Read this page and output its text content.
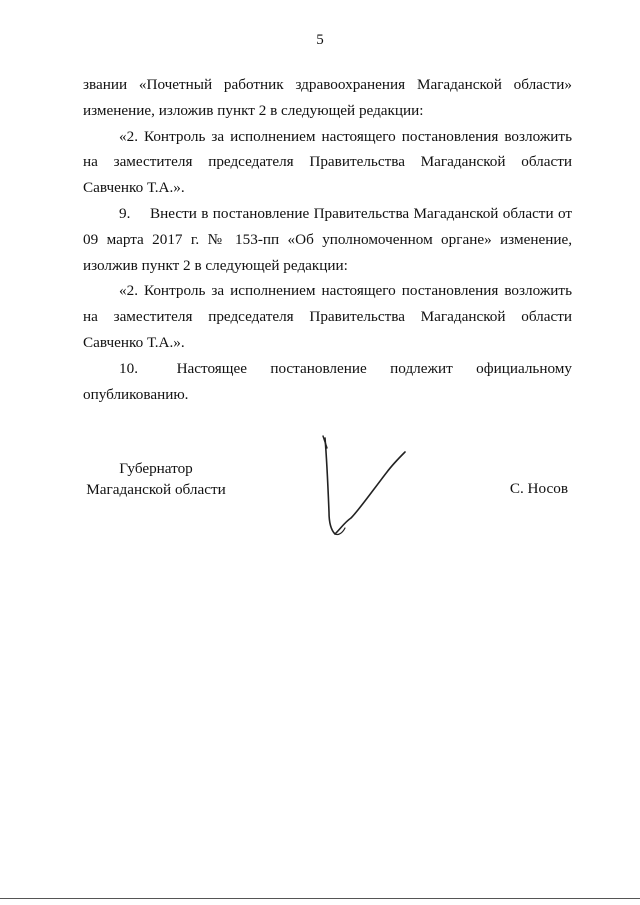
5

звании «Почетный работник здравоохранения Магаданской области» изменение, изложив пункт 2 в следующей редакции:

«2. Контроль за исполнением настоящего постановления возложить на заместителя председателя Правительства Магаданской области Савченко Т.А.».

9.  Внести в постановление Правительства Магаданской области от 09 марта 2017 г. № 153-пп «Об уполномоченном органе» изменение, изолжив пункт 2 в следующей редакции:

«2. Контроль за исполнением настоящего постановления возложить на заместителя председателя Правительства Магаданской области Савченко Т.А.».

10.  Настоящее постановление подлежит официальному опубликованию.

Губернатор
Магаданской области	С. Носов
